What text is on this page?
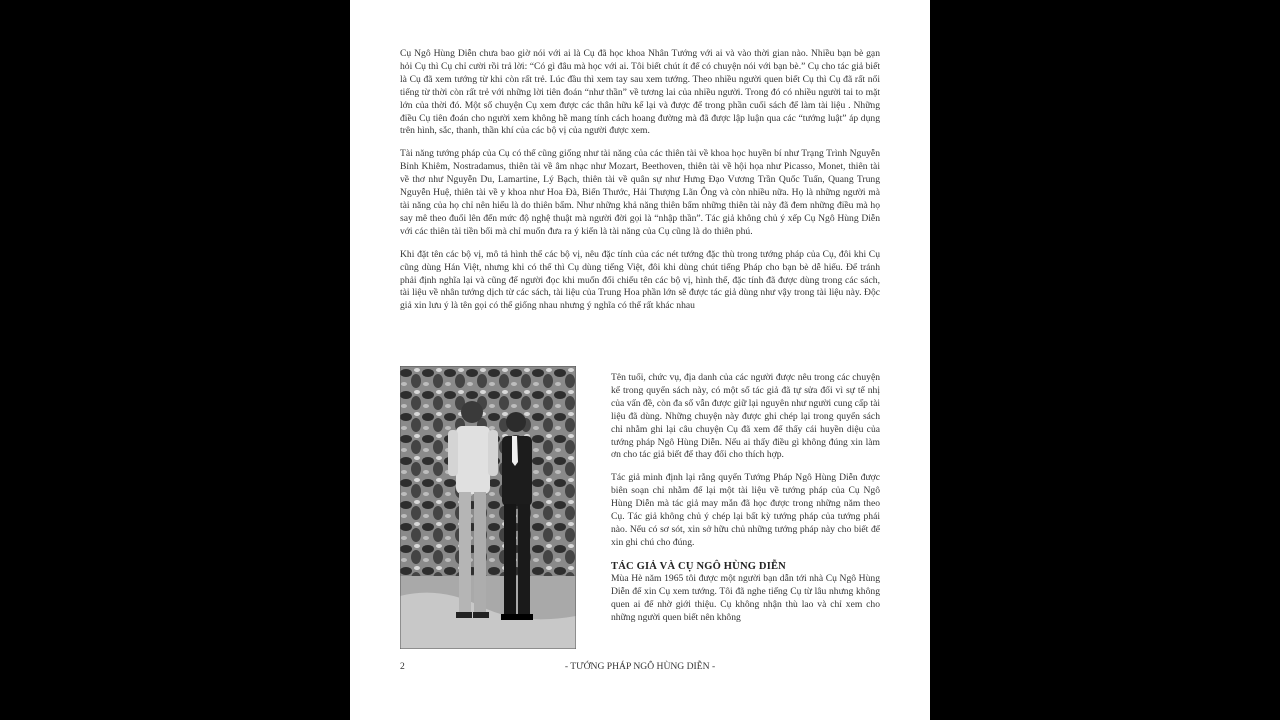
Cụ Ngô Hùng Diễn chưa bao giờ nói với ai là Cụ đã học khoa Nhân Tướng với ai và vào thời gian nào. Nhiều bạn bè gạn hỏi Cụ thì Cụ chỉ cười rồi trả lời: “Có gì đâu mà học với ai. Tôi biết chút ít để có chuyện nói với bạn bè.” Cụ cho tác giả biết là Cụ đã xem tướng từ khi còn rất trẻ. Lúc đầu thì xem tay sau xem tướng. Theo nhiều người quen biết Cụ thì Cụ đã rất nổi tiếng từ thời còn rất trẻ với những lời tiên đoán “như thần” về tương lai của nhiều người. Trong đó có nhiều người tai to mặt lớn của thời đó. Một số chuyện Cụ xem được các thân hữu kể lại và được để trong phần cuối sách để làm tài liệu . Những điều Cụ tiên đoán cho người xem không hề mang tính cách hoang đường mà đã được lập luận qua các “tướng luật” áp dụng trên hình, sắc, thanh, thần khí của các bộ vị của người được xem.

Tài năng tướng pháp của Cụ có thể cũng giống như tài năng của các thiên tài về khoa học huyền bí như Trạng Trình Nguyễn Bỉnh Khiêm, Nostradamus, thiên tài về âm nhạc như Mozart, Beethoven, thiên tài về hội họa như Picasso, Monet, thiên tài về thơ như Nguyễn Du, Lamartine, Lý Bạch, thiên tài về quân sự như Hưng Đạo Vương Trần Quốc Tuấn, Quang Trung Nguyễn Huệ, thiên tài về y khoa như Hoa Đà, Biển Thước, Hải Thượng Lãn Ông và còn nhiều nữa. Họ là những người mà tài năng của họ chỉ nên hiểu là do thiên bẩm. Như những khả năng thiên bẩm những thiên tài này đã đem những điều mà họ say mê theo đuổi lên đến mức độ nghệ thuật mà người đời gọi là “nhập thần”. Tác giả không chủ ý xếp Cụ Ngô Hùng Diễn với các thiên tài tiền bối mà chỉ muốn đưa ra ý kiến là tài năng của Cụ cũng là do thiên phú.

Khi đặt tên các bộ vị, mô tả hình thể các bộ vị, nêu đặc tính của các nét tướng đặc thù trong tướng pháp của Cụ, đôi khi Cụ cũng dùng Hán Việt, nhưng khi có thể thì Cụ dùng tiếng Việt, đôi khi dùng chút tiếng Pháp cho bạn bè dễ hiểu. Để tránh phải định nghĩa lại và cũng để người đọc khi muốn đối chiếu tên các bộ vị, hình thể, đặc tính đã được dùng trong các sách, tài liệu về nhân tướng dịch từ các sách, tài liệu của Trung Hoa phần lớn sẽ được tác giả dùng như vậy trong tài liệu này. Độc giả xin lưu ý là tên gọi có thể giống nhau nhưng ý nghĩa có thể rất khác nhau

Tên tuổi, chức vụ, địa danh của các người được nêu trong các chuyện kể trong quyển sách này, có một số tác giả đã tự sửa đổi vì sự tế nhị của vấn đề, còn đa số vẫn được giữ lại nguyên như người cung cấp tài liệu đã dùng. Những chuyện này được ghi chép lại trong quyển sách chỉ nhằm ghi lại câu chuyện Cụ đã xem để thấy cái huyền diệu của tướng pháp Ngô Hùng Diễn. Nếu ai thấy điều gì không đúng xin làm ơn cho tác giả biết để thay đổi cho thích hợp.

Tác giả minh định lại rằng quyển Tướng Pháp Ngô Hùng Diễn được biên soạn chỉ nhằm để lại một tài liệu về tướng pháp của Cụ Ngô Hùng Diễn mà tác giả may mắn đã học được trong những năm theo Cụ. Tác giả không chủ ý chép lại bất kỳ tướng pháp của tướng phái nào. Nếu có sơ sót, xin sở hữu chủ những tướng pháp này cho biết để xin ghi chú cho đúng.

TÁC GIẢ VÀ CỤ NGÔ HÙNG DIỄN

Mùa Hè năm 1965 tôi được một người bạn dẫn tới nhà Cụ Ngô Hùng Diễn để xin Cụ xem tướng. Tôi đã nghe tiếng Cụ từ lâu nhưng không quen ai để nhờ giới thiệu. Cụ không nhận thù lao và chỉ xem cho những người quen biết nên không

2	- TƯỚNG PHÁP NGÔ HÙNG DIỄN -
